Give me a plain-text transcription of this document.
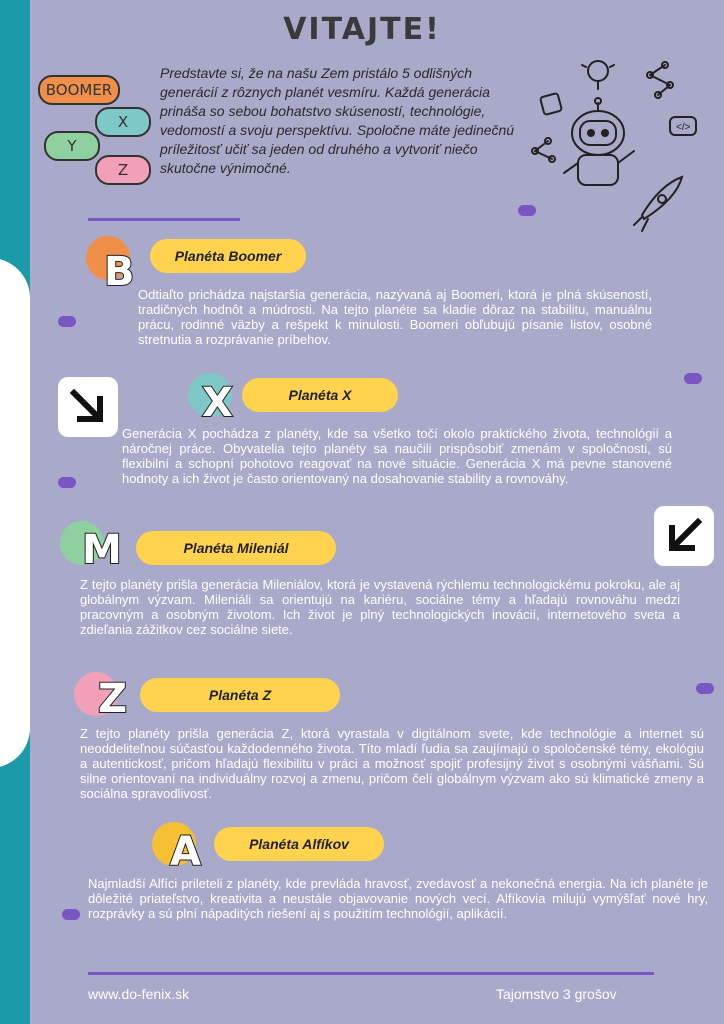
VITAJTE!
BOOMER
X
Y
Z
Predstavte si, že na našu Zem pristálo 5 odlišných generácií z rôznych planét vesmíru. Každá generácia prináša so sebou bohatstvo skúseností, technológie, vedomostí a svoju perspektívu. Spoločne máte jedinečnú príležitosť učiť sa jeden od druhého a vytvoriť niečo skutočne výnimočné.
</>
B	Planéta Boomer
Odtiaľto prichádza najstaršia generácia, nazývaná aj Boomeri, ktorá je plná skúseností, tradičných hodnôt a múdrosti. Na tejto planéte sa kladie dôraz na stabilitu, manuálnu prácu, rodinné väzby a rešpekt k minulosti. Boomeri obľubujú písanie listov, osobné stretnutia a rozprávanie príbehov.
X	Planéta X
Generácia X pochádza z planéty, kde sa všetko točí okolo praktického života, technológií a náročnej práce. Obyvatelia tejto planéty sa naučili prispôsobiť zmenám v spoločnosti, sú flexibilní a schopní pohotovo reagovať na nové situácie. Generácia X má pevne stanovené hodnoty a ich život je často orientovaný na dosahovanie stability a rovnováhy.
M	Planéta Mileniál
Z tejto planéty prišla generácia Mileniálov, ktorá je vystavená rýchlemu technologickému pokroku, ale aj globálnym výzvam. Mileniáli sa orientujú na kariéru, sociálne témy a hľadajú rovnováhu medzi pracovným a osobným životom. Ich život je plný technologických inovácií, internetového sveta a zdieľania zážitkov cez sociálne siete.
Z	Planéta Z
Z tejto planéty prišla generácia Z, ktorá vyrastala v digitálnom svete, kde technológie a internet sú neoddeliteľnou súčasťou každodenného života. Títo mladí ľudia sa zaujímajú o spoločenské témy, ekológiu a autentickosť, pričom hľadajú flexibilitu v práci a možnosť spojiť profesijný život s osobnými vášňami. Sú silne orientovaní na individuálny rozvoj a zmenu, pričom čelí globálnym výzvam ako sú klimatické zmeny a sociálna spravodlivosť.
A	Planéta Alfíkov
Najmladší Alfíci prileteli z planéty, kde prevláda hravosť, zvedavosť a nekonečná energia. Na ich planéte je dôležité priateľstvo, kreativita a neustále objavovanie nových vecí. Alfíkovia milujú vymýšľať nové hry, rozprávky a sú plní nápaditých riešení aj s použitím technológií, aplikácií.
www.do-fenix.sk	Tajomstvo 3 grošov
